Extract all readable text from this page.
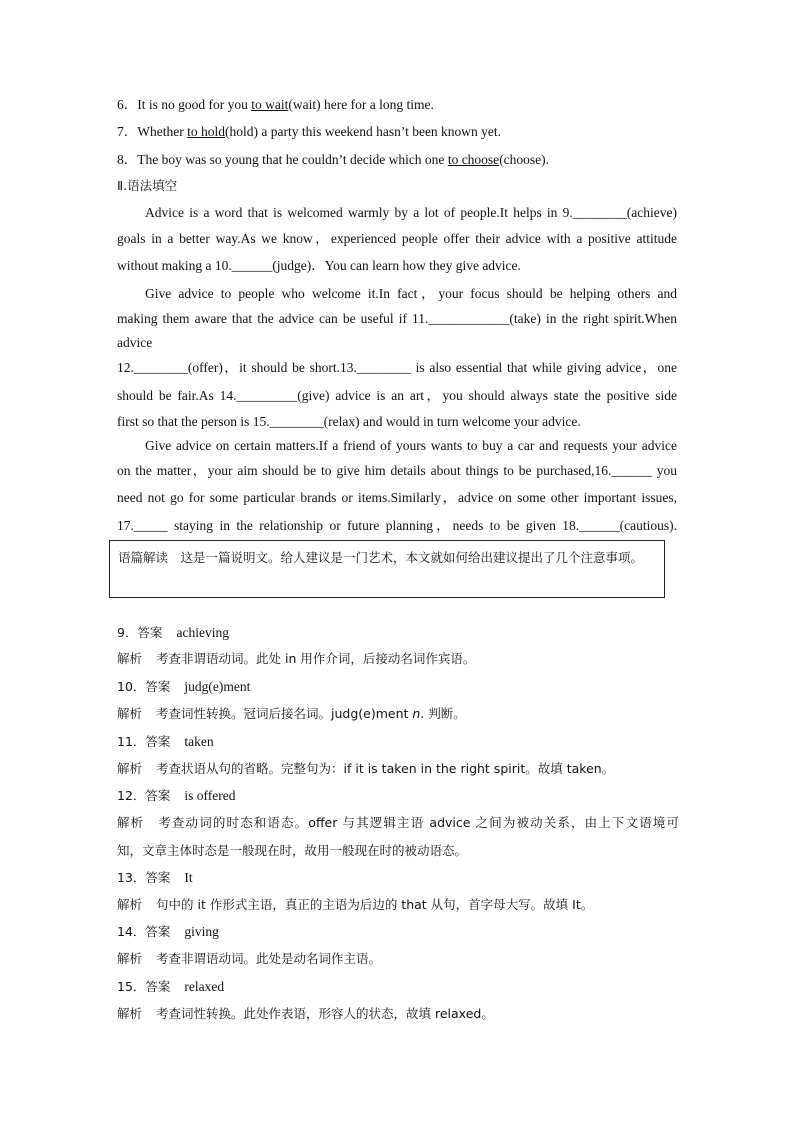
6．It is no good for you to wait(wait) here for a long time.
7．Whether to hold(hold) a party this weekend hasn’t been known yet.
8．The boy was so young that he couldn’t decide which one to choose(choose).
Ⅱ.语法填空
Advice is a word that is welcomed warmly by a lot of people.It helps in 9.________(achieve)
goals in a better way.As we know，experienced people offer their advice with a positive attitude
without making a 10.______(judge)．You can learn how they give advice.
Give advice to people who welcome it.In fact，your focus should be helping others and
making them aware that the advice can be useful if 11.____________(take) in the right spirit.When
advice
12.________(offer)，it should be short.13.________ is also essential that while giving advice，one
should be fair.As 14._________(give) advice is an art，you should always state the positive side
first so that the person is 15.________(relax) and would in turn welcome your advice.
Give advice on certain matters.If a friend of yours wants to buy a car and requests your advice
on the matter，your aim should be to give him details about things to be purchased,16.______ you
need not go for some particular brands or items.Similarly，advice on some other important issues,
17._____ staying in the relationship or future planning，needs to be given 18.______(cautious).
语篇解读　 这是一篇说明文。给人建议是一门艺术，本文就如何给出建议提出了几个注意事项。
9．答案 achieving
解析 考查非谓语动词。此处 in 用作介词，后接动名词作宾语。
10．答案 judg(e)ment
解析 考查词性转换。冠词后接名词。judg(e)ment n. 判断。
11．答案 taken
解析 考查状语从句的省略。完整句为：if it is taken in the right spirit。故填 taken。
12．答案 is offered
解析 考查动词的时态和语态。offer 与其逻辑主语 advice 之间为被动关系，由上下文语境可
知，文章主体时态是一般现在时，故用一般现在时的被动语态。
13．答案 It
解析 句中的 it 作形式主语，真正的主语为后边的 that 从句，首字母大写。故填 It。
14．答案 giving
解析 考查非谓语动词。此处是动名词作主语。
15．答案 relaxed
解析 考查词性转换。此处作表语，形容人的状态，故填 relaxed。
